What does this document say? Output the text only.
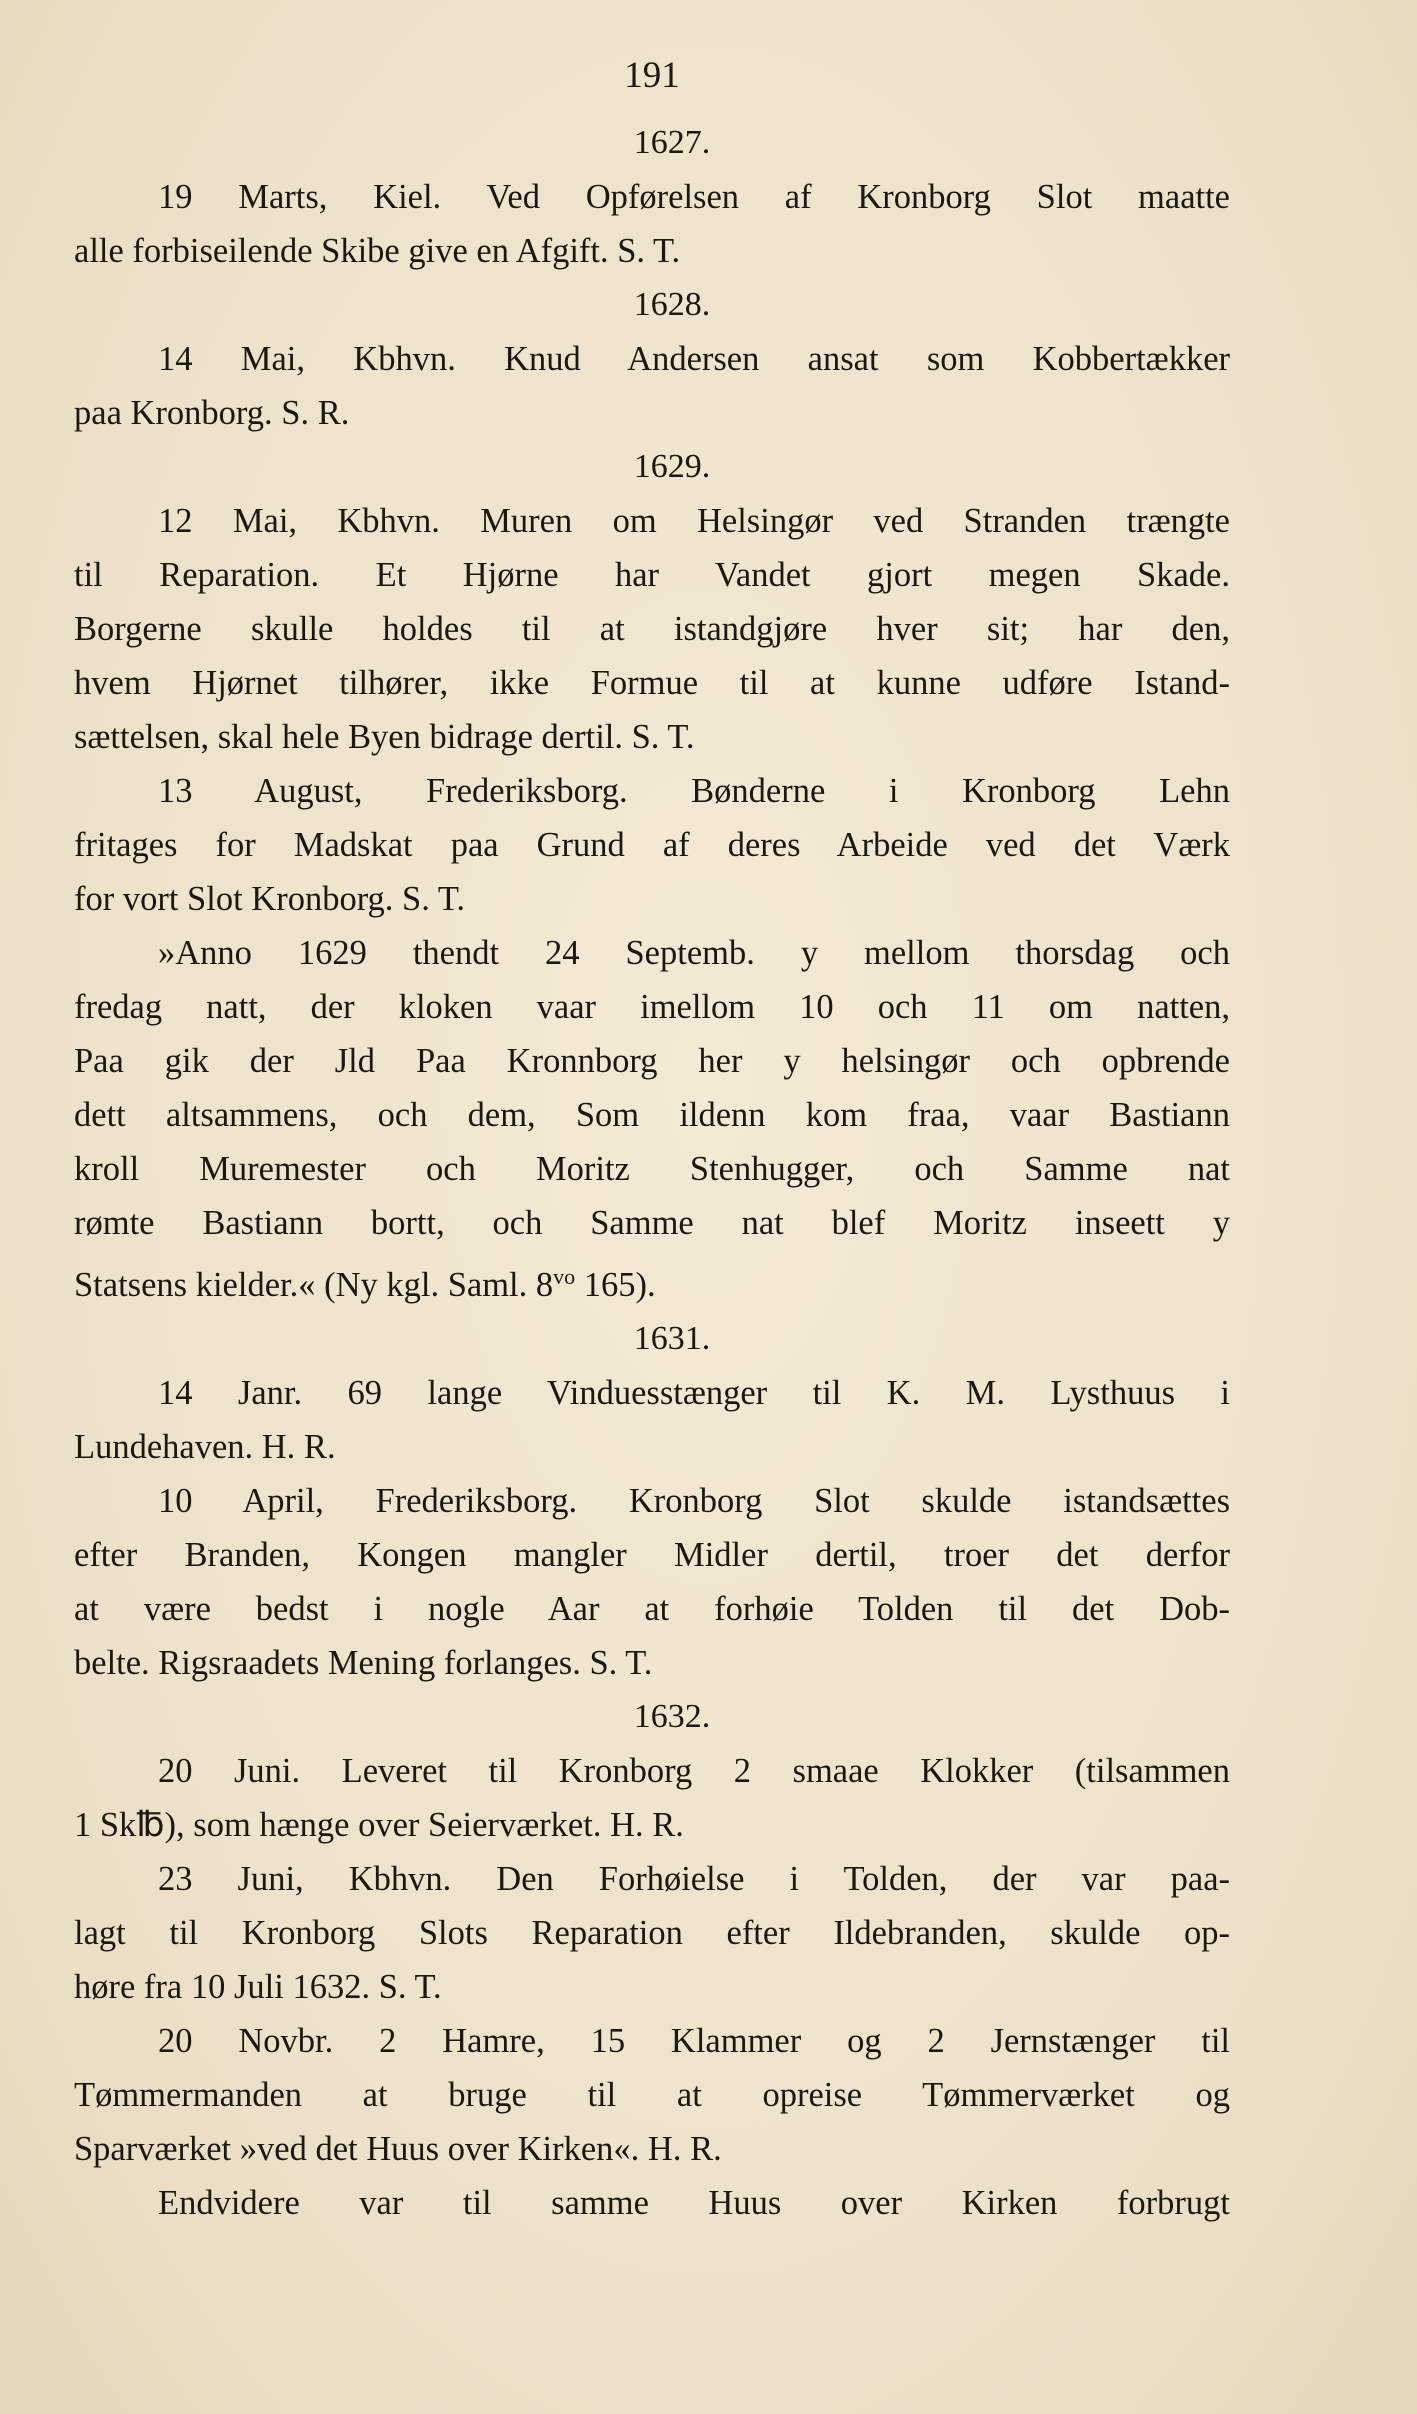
191
1627.
19 Marts, Kiel. Ved Opførelsen af Kronborg Slot maatte
alle forbiseilende Skibe give en Afgift. S. T.
1628.
14 Mai, Kbhvn. Knud Andersen ansat som Kobbertækker
paa Kronborg. S. R.
1629.
12 Mai, Kbhvn. Muren om Helsingør ved Stranden trængte
til Reparation. Et Hjørne har Vandet gjort megen Skade.
Borgerne skulle holdes til at istandgjøre hver sit; har den,
hvem Hjørnet tilhører, ikke Formue til at kunne udføre Istand-
sættelsen, skal hele Byen bidrage dertil. S. T.
13 August, Frederiksborg. Bønderne i Kronborg Lehn
fritages for Madskat paa Grund af deres Arbeide ved det Værk
for vort Slot Kronborg. S. T.
»Anno 1629 thendt 24 Septemb. y mellom thorsdag och
fredag natt, der kloken vaar imellom 10 och 11 om natten,
Paa gik der Jld Paa Kronnborg her y helsingør och opbrende
dett altsammens, och dem, Som ildenn kom fraa, vaar Bastiann
kroll Muremester och Moritz Stenhugger, och Samme nat
rømte Bastiann bortt, och Samme nat blef Moritz inseett y
Statsens kielder.« (Ny kgl. Saml. $8^{vo}$ 165).
1631.
14 Janr. 69 lange Vinduesstænger til K. M. Lysthuus i
Lundehaven. H. R.
10 April, Frederiksborg. Kronborg Slot skulde istandsættes
efter Branden, Kongen mangler Midler dertil, troer det derfor
at være bedst i nogle Aar at forhøie Tolden til det Dob-
belte. Rigsraadets Mening forlanges. S. T.
1632.
20 Juni. Leveret til Kronborg 2 smaae Klokker (tilsammen
1 Sk℔), som hænge over Seierværket. H. R.
23 Juni, Kbhvn. Den Forhøielse i Tolden, der var paa-
lagt til Kronborg Slots Reparation efter Ildebranden, skulde op-
høre fra 10 Juli 1632. S. T.
20 Novbr. 2 Hamre, 15 Klammer og 2 Jernstænger til
Tømmermanden at bruge til at opreise Tømmerværket og
Sparværket »ved det Huus over Kirken«. H. R.
Endvidere var til samme Huus over Kirken forbrugt
